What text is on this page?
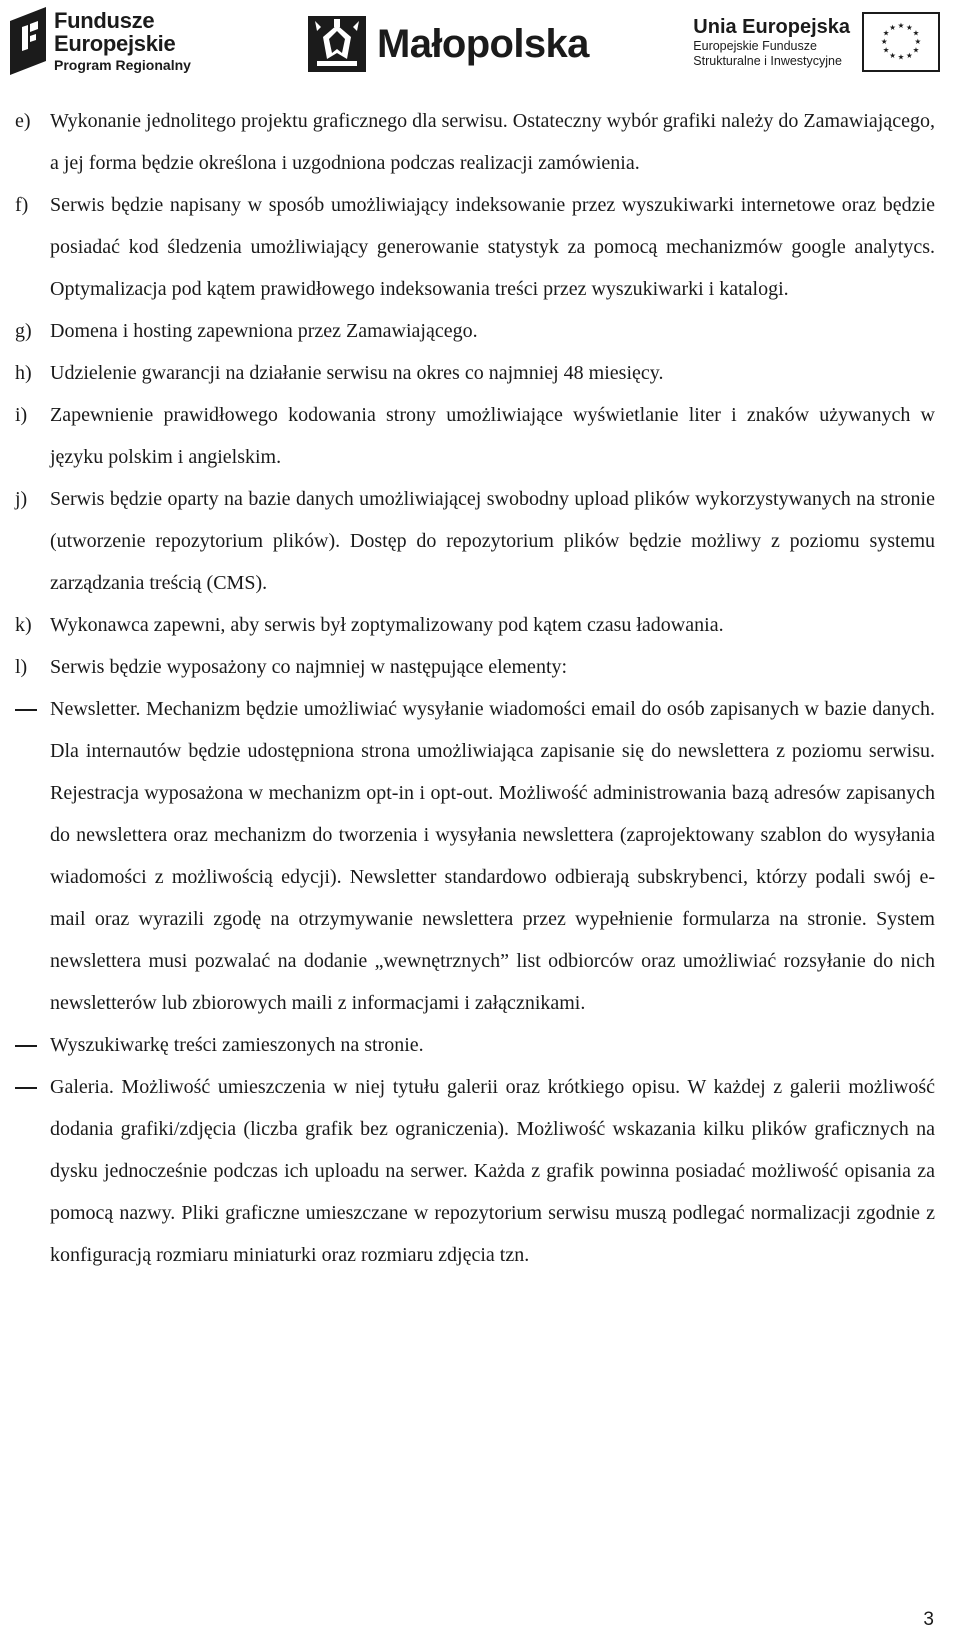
Fundusze
Europejskie
Program Regionalny	Małopolska	Unia Europejska
Europejskie Fundusze
Strukturalne i Inwestycyjne
★ ★
★
★
★
★
★
★
★
★
★
★
e) Wykonanie jednolitego projektu graficznego dla serwisu. Ostateczny wybór grafiki należy do Zamawiającego, a jej forma będzie określona i uzgodniona podczas realizacji zamówienia.
f) Serwis będzie napisany w sposób umożliwiający indeksowanie przez wyszukiwarki internetowe oraz będzie posiadać kod śledzenia umożliwiający generowanie statystyk za pomocą mechanizmów google analytycs. Optymalizacja pod kątem prawidłowego indeksowania treści przez wyszukiwarki i katalogi.
g) Domena i hosting zapewniona przez Zamawiającego.
h) Udzielenie gwarancji na działanie serwisu na okres co najmniej 48 miesięcy.
i) Zapewnienie prawidłowego kodowania strony umożliwiające wyświetlanie liter i znaków używanych w języku polskim i angielskim.
j) Serwis będzie oparty na bazie danych umożliwiającej swobodny upload plików wykorzystywanych na stronie (utworzenie repozytorium plików). Dostęp do repozytorium plików będzie możliwy z poziomu systemu zarządzania treścią (CMS).
k) Wykonawca zapewni, aby serwis był zoptymalizowany pod kątem czasu ładowania.
l) Serwis będzie wyposażony co najmniej w następujące elementy:
Newsletter. Mechanizm będzie umożliwiać wysyłanie wiadomości email do osób zapisanych w bazie danych. Dla internautów będzie udostępniona strona umożliwiająca zapisanie się do newslettera z poziomu serwisu. Rejestracja wyposażona w mechanizm opt-in i opt-out. Możliwość administrowania bazą adresów zapisanych do newslettera oraz mechanizm do tworzenia i wysyłania newslettera (zaprojektowany szablon do wysyłania wiadomości z możliwością edycji). Newsletter standardowo odbierają subskrybenci, którzy podali swój e-mail oraz wyrazili zgodę na otrzymywanie newslettera przez wypełnienie formularza na stronie. System newslettera musi pozwalać na dodanie „wewnętrznych” list odbiorców oraz umożliwiać rozsyłanie do nich newsletterów lub zbiorowych maili z informacjami i załącznikami.
Wyszukiwarkę treści zamieszonych na stronie.
Galeria. Możliwość umieszczenia w niej tytułu galerii oraz krótkiego opisu. W każdej z galerii możliwość dodania grafiki/zdjęcia (liczba grafik bez ograniczenia). Możliwość wskazania kilku plików graficznych na dysku jednocześnie podczas ich uploadu na serwer. Każda z grafik powinna posiadać możliwość opisania za pomocą nazwy. Pliki graficzne umieszczane w repozytorium serwisu muszą podlegać normalizacji zgodnie z konfiguracją rozmiaru miniaturki oraz rozmiaru zdjęcia tzn.
3
